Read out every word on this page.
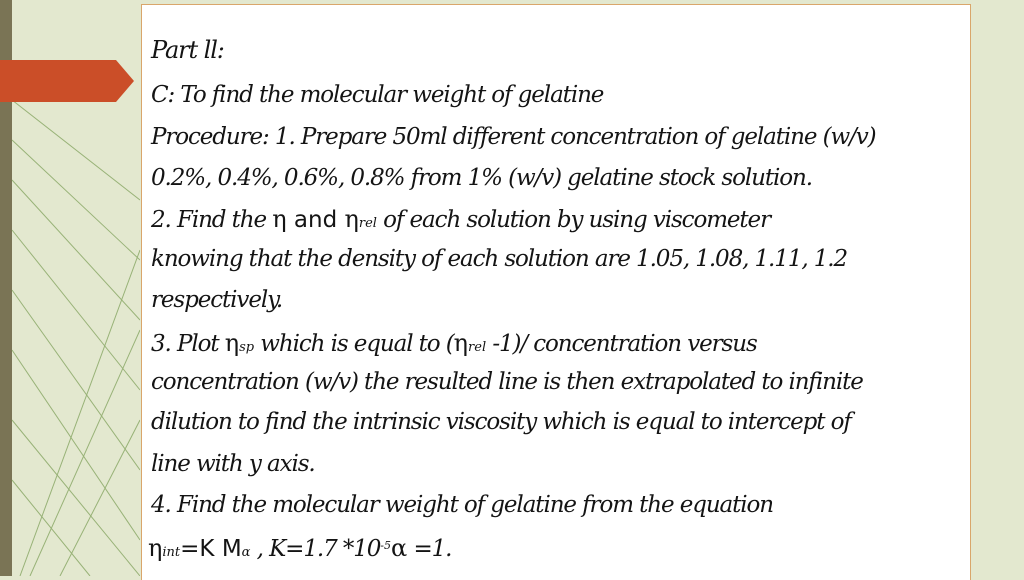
Part ll:
C: To find the molecular weight of gelatine
Procedure: 1. Prepare 50ml different concentration of gelatine (w/v)
0.2%, 0.4%, 0.6%, 0.8% from 1% (w/v) gelatine stock solution.
2. Find the η and ηrel of each solution by using viscometer
knowing that the density of each solution are 1.05, 1.08, 1.11, 1.2
respectively.
3. Plot ηsp which is equal to (ηrel -1)/ concentration versus
concentration (w/v) the resulted line is then extrapolated to infinite
dilution to find the intrinsic viscosity which is equal to intercept of
line with y axis.
4. Find the molecular weight of gelatine from the equation
ηint=K Mα , K=1.7 $*10^{-5}\alpha =1$.
